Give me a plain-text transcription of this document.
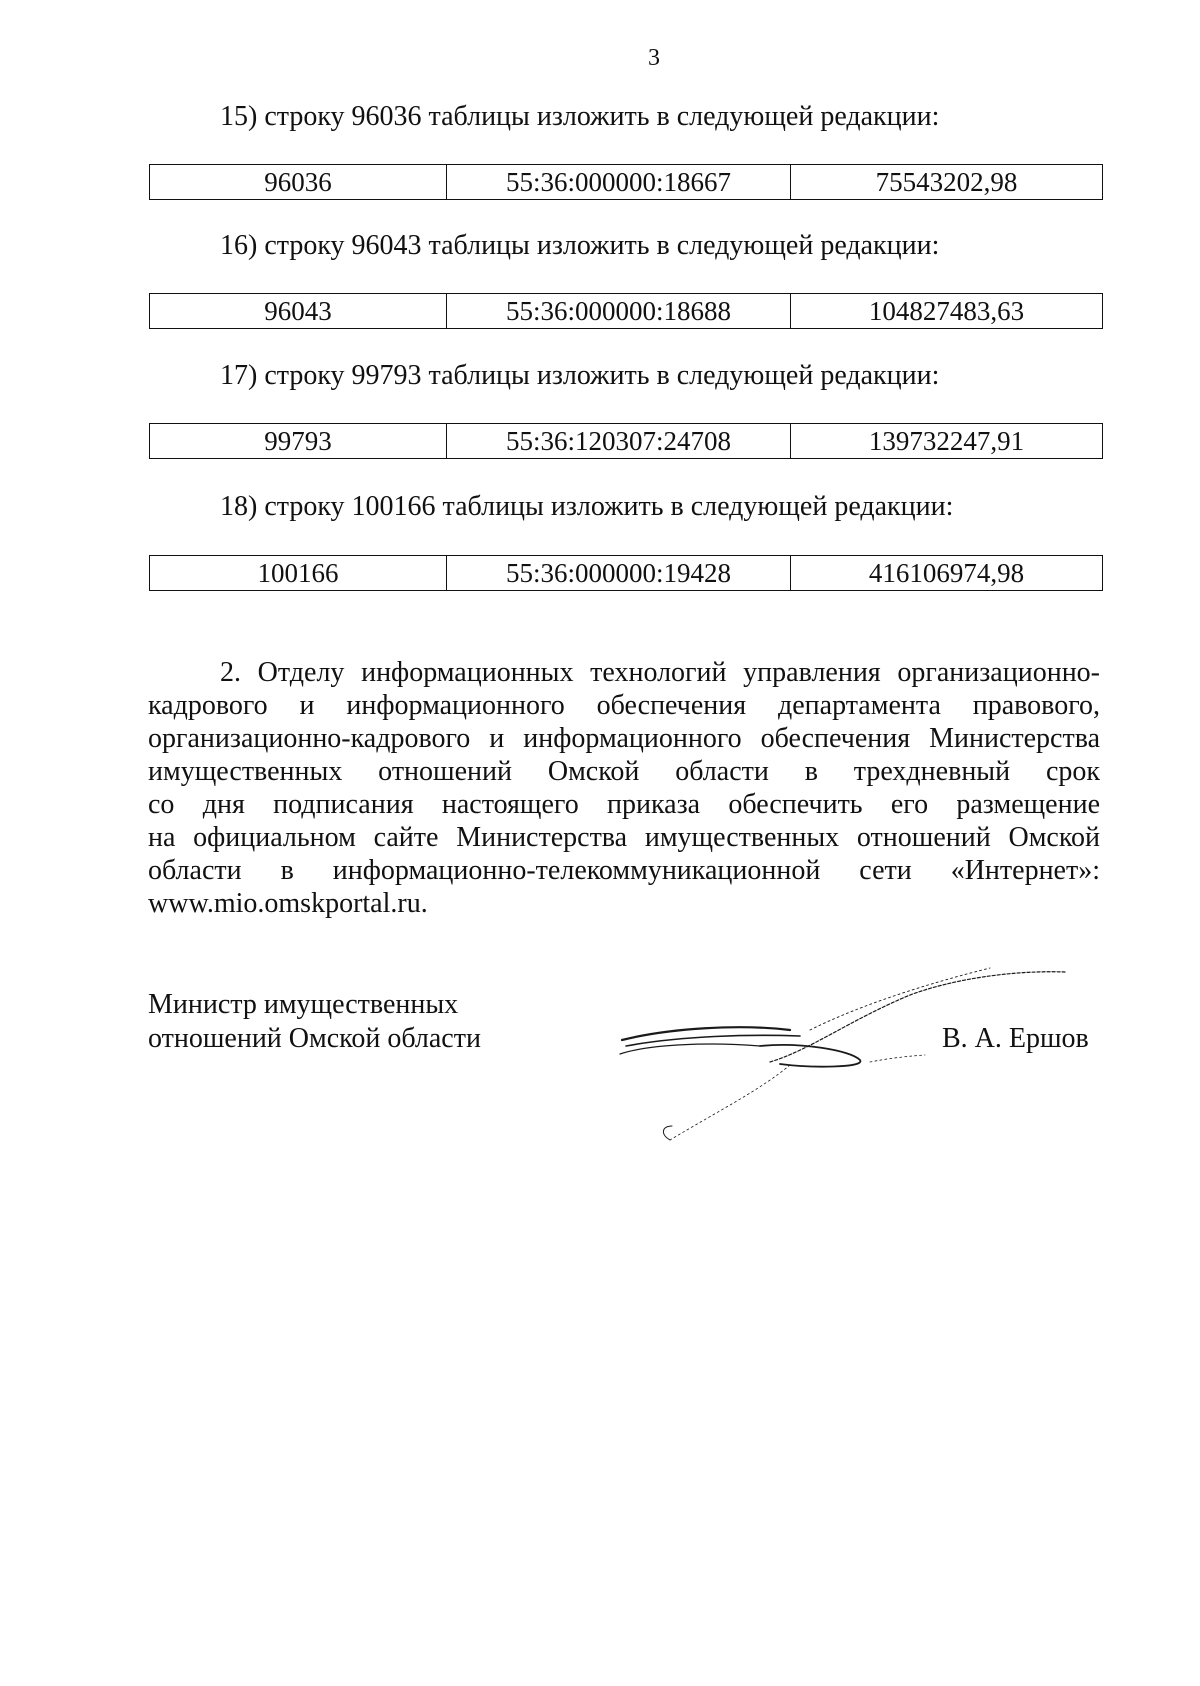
3
15) строку 96036 таблицы изложить в следующей редакции:
96036	55:36:000000:18667	75543202,98
16) строку 96043 таблицы изложить в следующей редакции:
96043	55:36:000000:18688	104827483,63
17) строку 99793 таблицы изложить в следующей редакции:
99793	55:36:120307:24708	139732247,91
18) строку 100166 таблицы изложить в следующей редакции:
100166	55:36:000000:19428	416106974,98
2. Отделу информационных технологий управления организационно-
кадрового и информационного обеспечения департамента правового,
организационно-кадрового и информационного обеспечения Министерства
имущественных отношений Омской области в трехдневный срок
со дня подписания настоящего приказа обеспечить его размещение
на официальном сайте Министерства имущественных отношений Омской
области в информационно-телекоммуникационной сети «Интернет»:
www.mio.omskportal.ru.
Министр имущественных
отношений Омской области	В. А. Ершов
